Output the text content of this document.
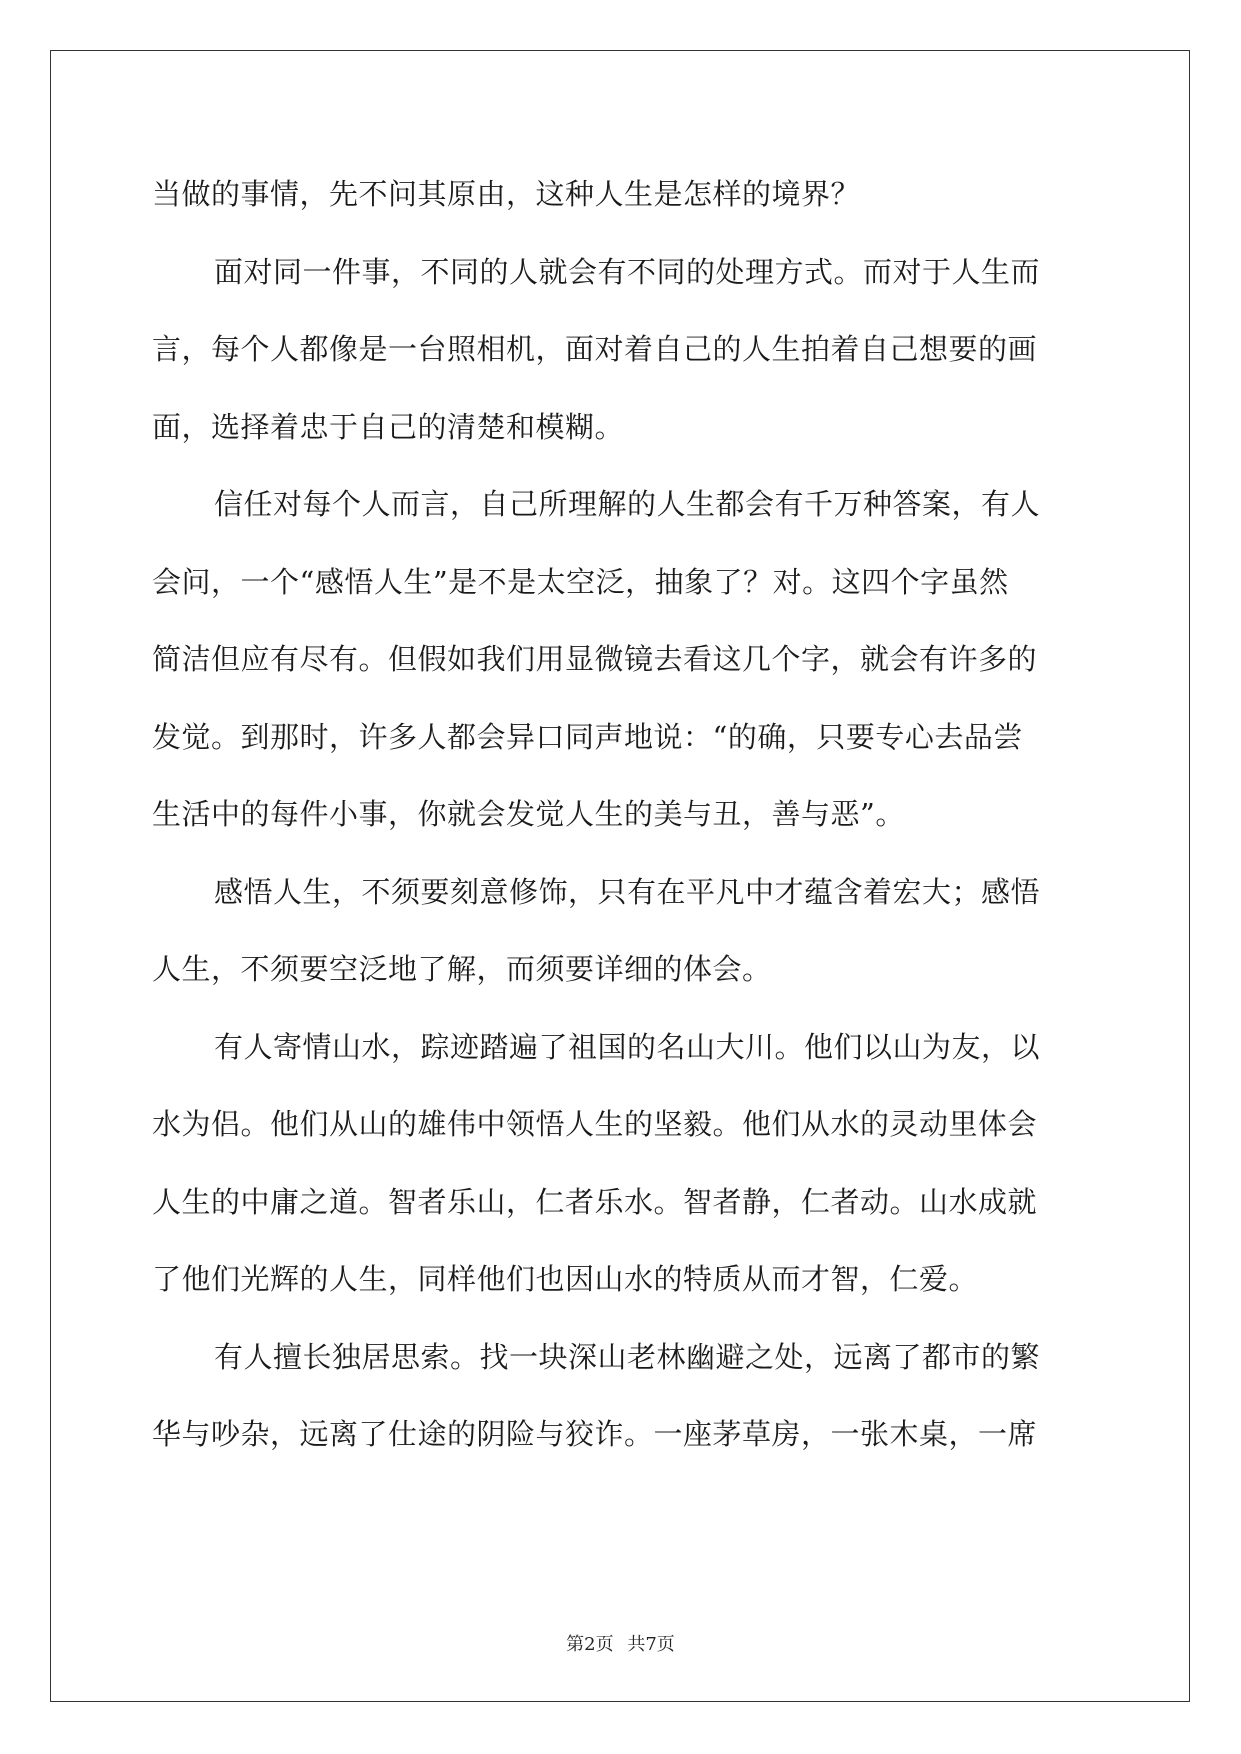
当做的事情，先不问其原由，这种人生是怎样的境界？
面对同一件事，不同的人就会有不同的处理方式。而对于人生而
言，每个人都像是一台照相机，面对着自己的人生拍着自己想要的画
面，选择着忠于自己的清楚和模糊。
信任对每个人而言，自己所理解的人生都会有千万种答案，有人
会问，一个“感悟人生”是不是太空泛，抽象了？对。这四个字虽然
简洁但应有尽有。但假如我们用显微镜去看这几个字，就会有许多的
发觉。到那时，许多人都会异口同声地说：“的确，只要专心去品尝
生活中的每件小事，你就会发觉人生的美与丑，善与恶”。
感悟人生，不须要刻意修饰，只有在平凡中才蕴含着宏大；感悟
人生，不须要空泛地了解，而须要详细的体会。
有人寄情山水，踪迹踏遍了祖国的名山大川。他们以山为友，以
水为侣。他们从山的雄伟中领悟人生的坚毅。他们从水的灵动里体会
人生的中庸之道。智者乐山，仁者乐水。智者静，仁者动。山水成就
了他们光辉的人生，同样他们也因山水的特质从而才智，仁爱。
有人擅长独居思索。找一块深山老林幽避之处，远离了都市的繁
华与吵杂，远离了仕途的阴险与狡诈。一座茅草房，一张木桌，一席
第2页 共7页
